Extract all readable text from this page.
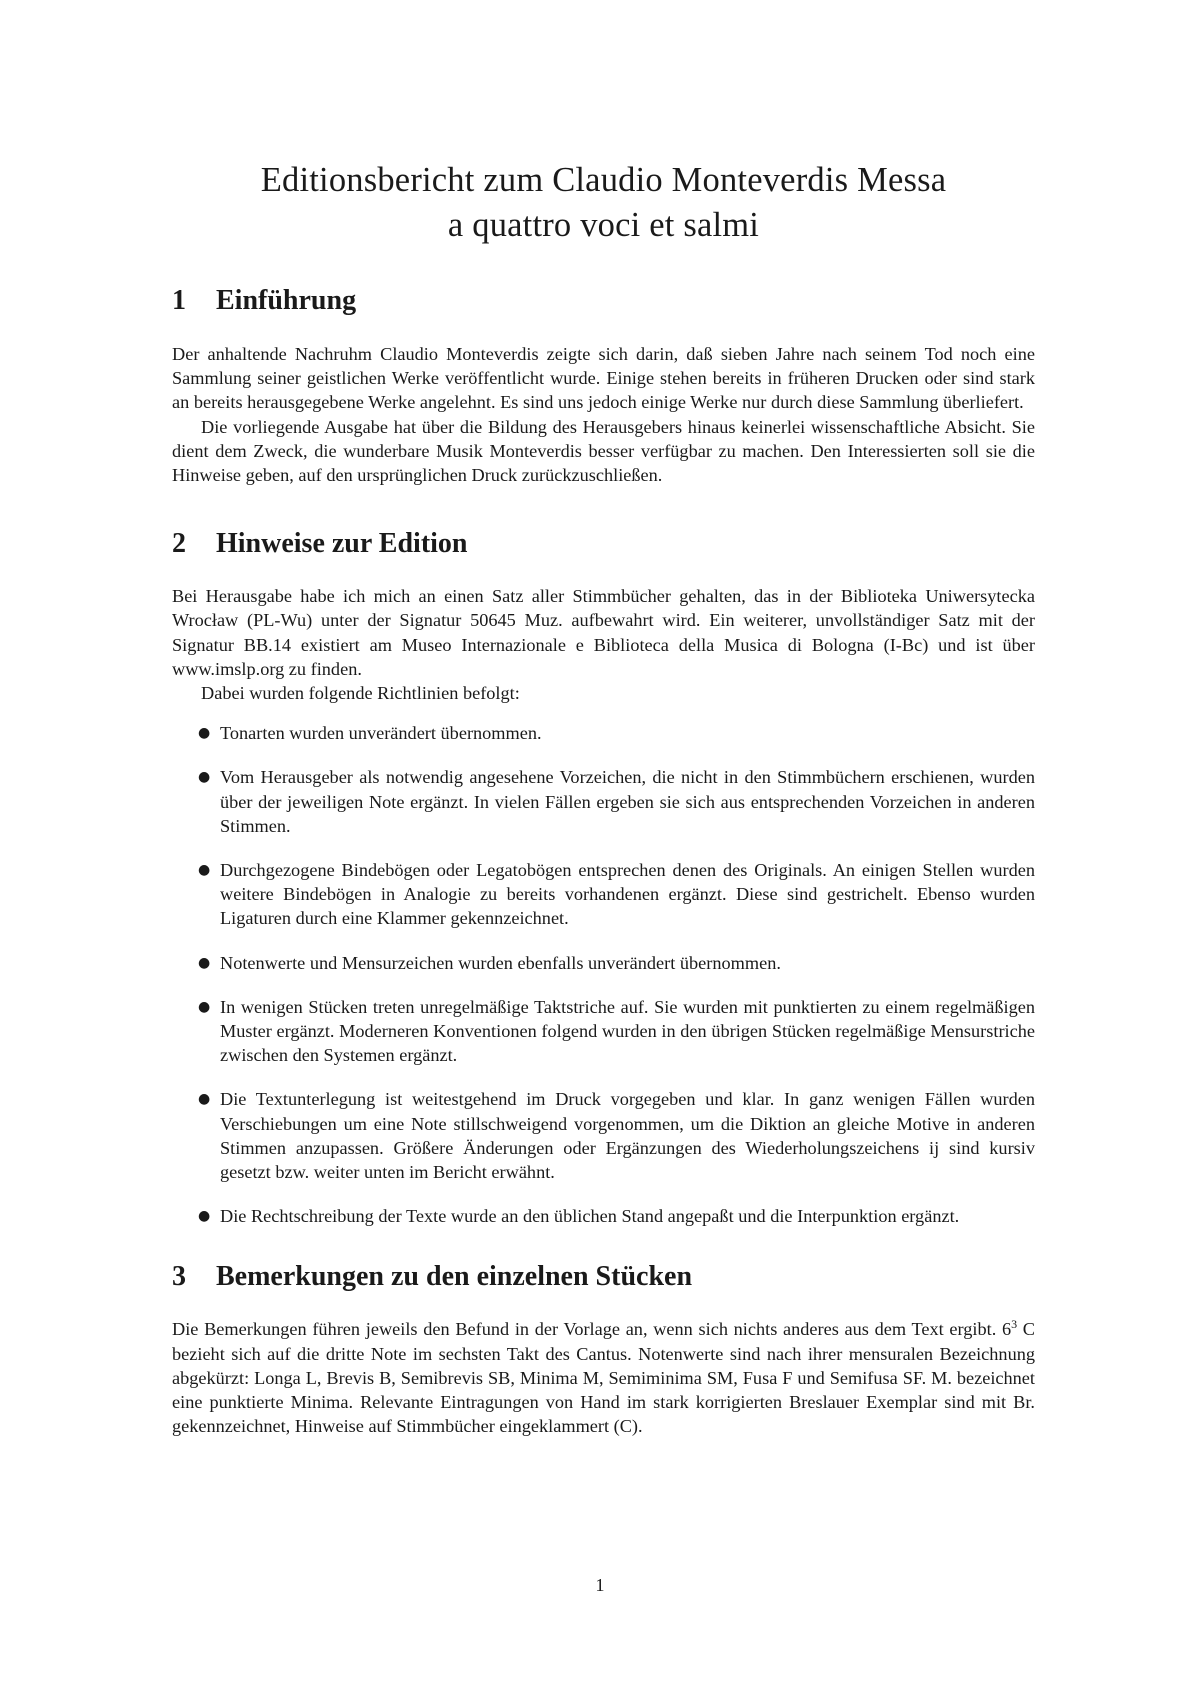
Editionsbericht zum Claudio Monteverdis Messa
a quattro voci et salmi
1	Einführung

Der anhaltende Nachruhm Claudio Monteverdis zeigte sich darin, daß sieben Jahre nach seinem Tod noch eine Sammlung seiner geistlichen Werke veröffentlicht wurde. Einige stehen bereits in früheren Drucken oder sind stark an bereits herausgegebene Werke angelehnt. Es sind uns jedoch einige Werke nur durch diese Sammlung überliefert.

Die vorliegende Ausgabe hat über die Bildung des Herausgebers hinaus keinerlei wissenschaftliche Absicht. Sie dient dem Zweck, die wunderbare Musik Monteverdis besser verfügbar zu machen. Den Interessierten soll sie die Hinweise geben, auf den ursprünglichen Druck zurückzuschließen.

2	Hinweise zur Edition

Bei Herausgabe habe ich mich an einen Satz aller Stimmbücher gehalten, das in der Biblioteka Uniwersytecka Wrocław (PL-Wu) unter der Signatur 50645 Muz. aufbewahrt wird. Ein weiterer, unvollständiger Satz mit der Signatur BB.14 existiert am Museo Internazionale e Biblioteca della Musica di Bologna (I-Bc) und ist über www.imslp.org zu finden.

Dabei wurden folgende Richtlinien befolgt:

● Tonarten wurden unverändert übernommen.
● Vom Herausgeber als notwendig angesehene Vorzeichen, die nicht in den Stimmbüchern erschienen, wurden über der jeweiligen Note ergänzt. In vielen Fällen ergeben sie sich aus entsprechenden Vorzeichen in anderen Stimmen.
● Durchgezogene Bindebögen oder Legatobögen entsprechen denen des Originals. An einigen Stellen wurden weitere Bindebögen in Analogie zu bereits vorhandenen ergänzt. Diese sind gestrichelt. Ebenso wurden Ligaturen durch eine Klammer gekennzeichnet.
● Notenwerte und Mensurzeichen wurden ebenfalls unverändert übernommen.
● In wenigen Stücken treten unregelmäßige Taktstriche auf. Sie wurden mit punktierten zu einem regelmäßigen Muster ergänzt. Moderneren Konventionen folgend wurden in den übrigen Stücken regelmäßige Mensurstriche zwischen den Systemen ergänzt.
● Die Textunterlegung ist weitestgehend im Druck vorgegeben und klar. In ganz wenigen Fällen wurden Verschiebungen um eine Note stillschweigend vorgenommen, um die Diktion an gleiche Motive in anderen Stimmen anzupassen. Größere Änderungen oder Ergänzungen des Wiederholungszeichens ij sind kursiv gesetzt bzw. weiter unten im Bericht erwähnt.
● Die Rechtschreibung der Texte wurde an den üblichen Stand angepaßt und die Interpunktion ergänzt.
3	Bemerkungen zu den einzelnen Stücken

Die Bemerkungen führen jeweils den Befund in der Vorlage an, wenn sich nichts anderes aus dem Text ergibt. $6^3$ C bezieht sich auf die dritte Note im sechsten Takt des Cantus. Notenwerte sind nach ihrer mensuralen Bezeichnung abgekürzt: Longa L, Brevis B, Semibrevis SB, Minima M, Semiminima SM, Fusa F und Semifusa SF. M. bezeichnet eine punktierte Minima. Relevante Eintragungen von Hand im stark korrigierten Breslauer Exemplar sind mit Br. gekennzeichnet, Hinweise auf Stimmbücher eingeklammert (C).

1
